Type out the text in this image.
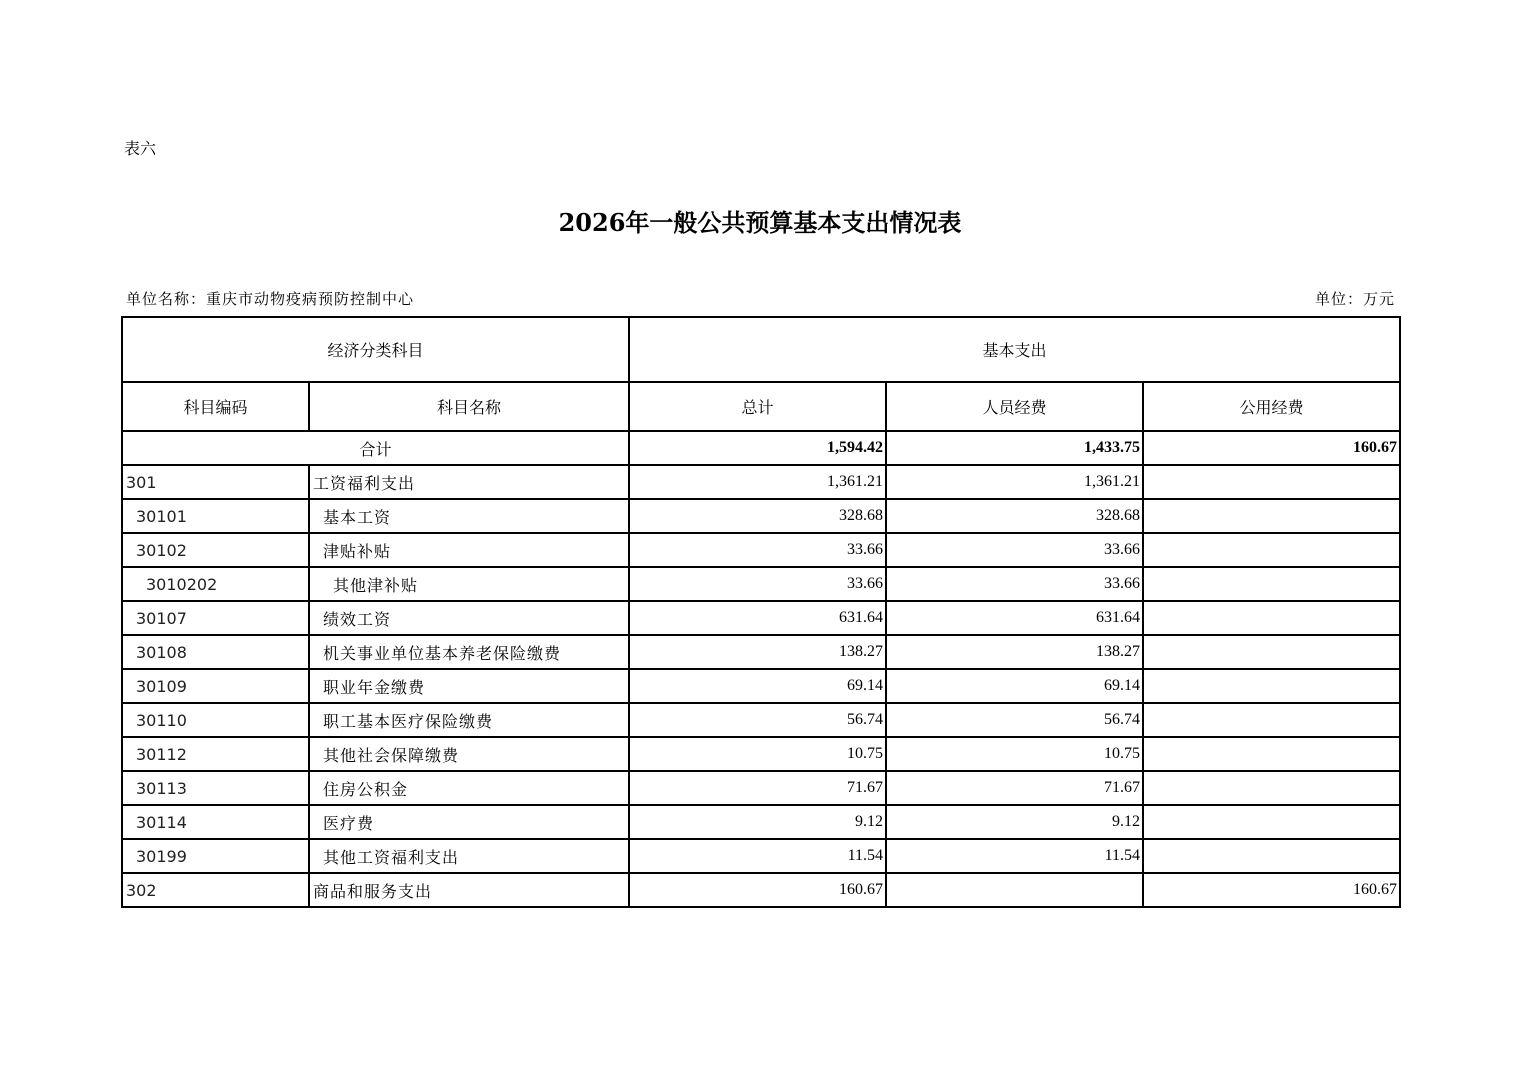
表六
2026年一般公共预算基本支出情况表
单位名称：重庆市动物疫病预防控制中心	单位：万元
经济分类科目		基本支出		
科目编码	科目名称	总计	人员经费	公用经费
合计		1,594.42	1,433.75	160.67
301	工资福利支出	1,361.21	1,361.21	
30101	基本工资	328.68	328.68	
30102	津贴补贴	33.66	33.66	
3010202	其他津补贴	33.66	33.66	
30107	绩效工资	631.64	631.64	
30108	机关事业单位基本养老保险缴费	138.27	138.27	
30109	职业年金缴费	69.14	69.14	
30110	职工基本医疗保险缴费	56.74	56.74	
30112	其他社会保障缴费	10.75	10.75	
30113	住房公积金	71.67	71.67	
30114	医疗费	9.12	9.12	
30199	其他工资福利支出	11.54	11.54	
302	商品和服务支出	160.67		160.67
